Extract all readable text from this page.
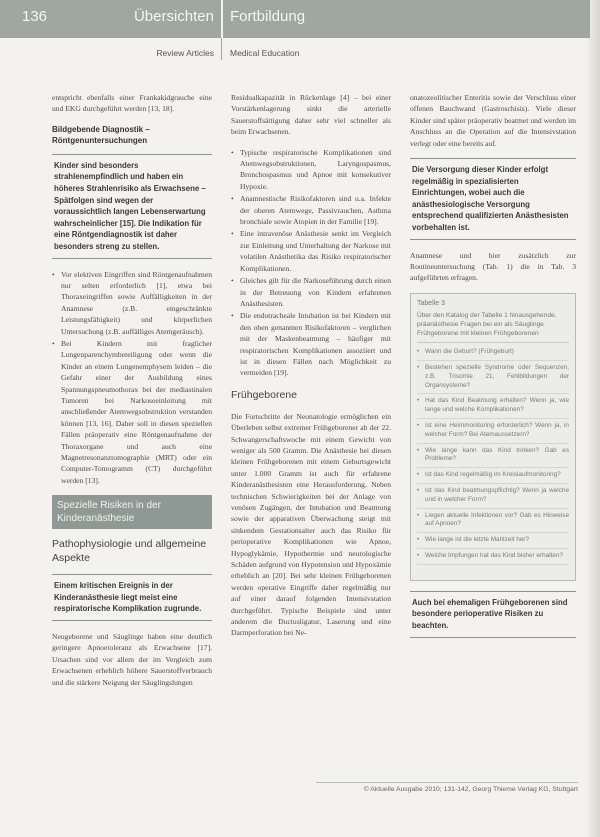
136	Übersichten Fortbildung
Review Articles Medical Education

entspricht ebenfalls einer Frankakidgrauche eine und EKG durchgeführt werden [13, 18].

Bildgebende Diagnostik – Röntgenuntersuchungen
Kinder sind besonders strahlenempfindlich und haben ein höheres Strahlenrisiko als Erwachsene – Spätfolgen sind wegen der voraussichtlich langen Lebenserwartung wahrscheinlicher [15]. Die Indikation für eine Röntgendiagnostik ist daher besonders streng zu stellen.
• Vor elektiven Eingriffen sind Röntgenaufnahmen nur selten erforderlich [1], etwa bei Thoraxeingriffen sowie Auffälligkeiten in der Anamnese (z.B. eingeschränkte Leistungsfähigkeit) und körperlichen Untersuchung (z.B. auffälliges Atemgeräusch).
• Bei Kindern mit fraglicher Lungenparenchymbeteiligung oder wenn die Kinder an einem Lungenemphysem leiden – die Gefahr einer der Ausbildung eines Spannungspneumothorax bei der mediastinalen Tumoren bei Narkoseeinleitung mit anschließender Atemwegsobstruktion verstanden können [13, 16]. Daher soll in diesen speziellen Fällen präoperativ eine Röntgenaufnahme der Thoraxorgane und auch eine Magnetresonanztomographie (MRT) oder ein Computer-Tomogramm (CT) durchgeführt werden [13].
Spezielle Risiken in der Kinderanästhesie
Pathophysiologie und allgemeine Aspekte
Einem kritischen Ereignis in der Kinderanästhesie liegt meist eine respiratorische Komplikation zugrunde.

Neugeborene und Säuglinge haben eine deutlich geringere Apnoetoleranz als Erwachsene [17]. Ursachen sind vor allem der im Vergleich zum Erwachsenen erheblich höhere Sauerstoffverbrauch und die stärkere Neigung der Säuglingslungen

Residualkapazität in Rückenlage [4] – bei einer Vorstärkenlagerung sinkt die arterielle Sauerstoffsättigung daher sehr viel schneller als beim Erwachsenen.

• Typische respiratorische Komplikationen sind Atemwegsobstruktionen, Laryngospasmus, Bronchospasmus und Apnoe mit konsekutiver Hypoxie.
• Anamnestische Risikofaktoren sind u.a. Infekte der oberen Atemwege, Passivrauchen, Asthma bronchiale sowie Atopien in der Familie [19].
• Eine intravenöse Anästhesie senkt im Vergleich zur Einleitung und Unterhaltung der Narkose mit volatilen Anästhetika das Risiko respiratorischer Komplikationen.
• Gleiches gilt für die Narkoseführung durch einen in der Betreuung von Kindern erfahrenen Anästhesisten.
• Die endotracheale Intubation ist bei Kindern mit den oben genannten Risikofaktoren – verglichen mit der Maskenbeatmung – häufiger mit respiratorischen Komplikationen assoziiert und ist in diesen Fällen nach Möglichkeit zu vermeiden [19].
Frühgeborene

Die Fortschritte der Neonatologie ermöglichen ein Überleben selbst extremer Frühgeborener ab der 22. Schwangerschaftswoche mit einem Gewicht von weniger als 500 Gramm. Die Anästhesie bei diesen kleinen Frühgeborenen mit einem Geburtsgewicht unter 1.000 Gramm ist auch für erfahrene Kinderanästhesisten eine Herausforderung. Neben technischen Schwierigkeiten bei der Anlage von venösen Zugängen, der Intubation und Beatmung sowie der apparativen Überwachung steigt mit sinkendem Gestationsalter auch das Risiko für perioperative Komplikationen wie Apnoe, Hypoglykämie, Hypothermie und neurologische Schäden aufgrund von Hypotension und Hypoxämie erheblich an [20]. Bei sehr kleinen Frühgeborenen werden operative Eingriffe daher regelmäßig nur auf einer darauf folgenden Intensivstation durchgeführt. Typische Beispiele sind unter anderem die Ductusligatur, Laserung und eine Darmperforation bei Ne-

onatozeolitischer Enteritis sowie der Verschluss einer offenen Bauchwand (Gastroschisis). Viele dieser Kinder sind später präoperativ beatmet und werden im Anschluss an die Operation auf die Intensivstation verlegt oder eine bereits auf.

Die Versorgung dieser Kinder erfolgt regelmäßig in spezialisierten Einrichtungen, wobei auch die anästhesiologische Versorgung entsprechend qualifizierten Anästhesisten vorbehalten ist.

Anamnese und hier zusätzlich zur Routineuntersuchung (Tab. 1) die in Tab. 3 aufgeführten erfragen.

Tabelle 3
Über den Katalog der Tabelle 1 hinausgehende, präanästhesie Fragen bei ein als Säuglinge Frühgeborene mit kleinen Frühgeborenen
• Wann die Geburt? (Frühgeburt)
• Bestehen spezielle Syndrome oder Sequenzen, z.B. Trisomie 21, Fehlbildungen der Organsysteme?
• Hat das Kind Beatmung erhalten? Wenn ja, wie lange und welche Komplikationen?
• Ist eine Heimmonitoring erforderlich? Wenn ja, in welcher Form? Bei Atemaussetzern?
• Wie lange kann das Kind trinken? Gab es Probleme?
• Ist das Kind regelmäßig im Kreislaufmonitoring?
• Ist das Kind beatmungspflichtig? Wenn ja welche und in welcher Form?
• Liegen aktuelle Infektionen vor? Gab es Hinweise auf Apnoen?
• Wie lange ist die letzte Mahlzeit her?
• Welche Impfungen hat das Kind bisher erhalten?
Auch bei ehemaligen Frühgeborenen sind besondere perioperative Risiken zu beachten.
© Aktuelle Ausgabe 2010; 131-142, Georg Thieme Verlag KG, Stuttgart
